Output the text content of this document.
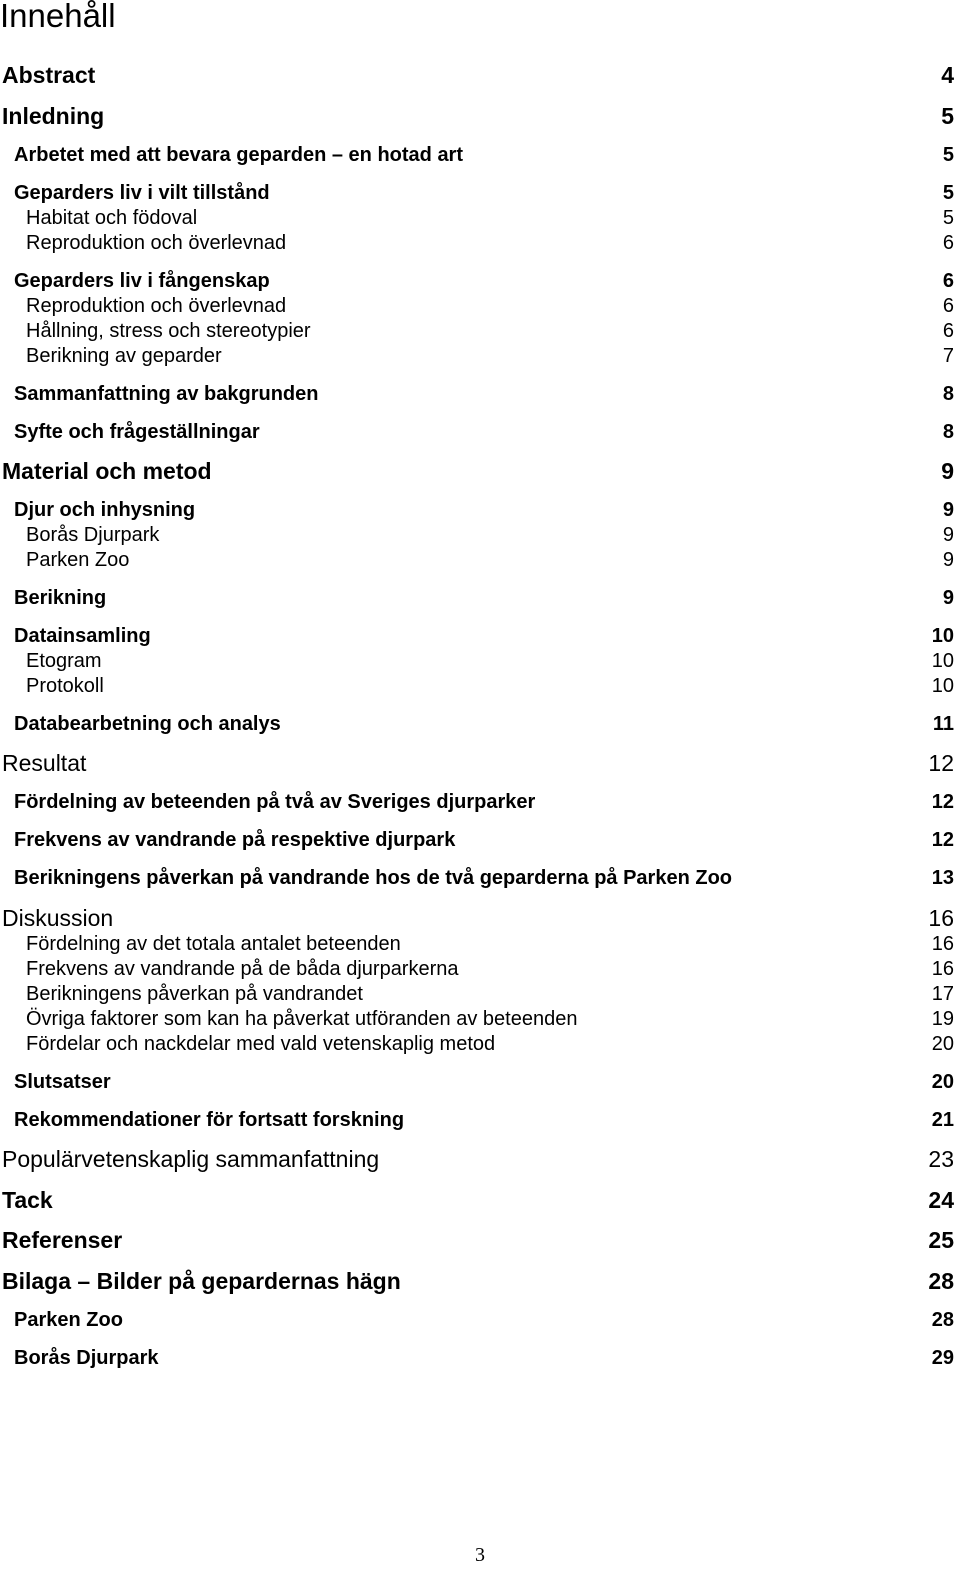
Innehåll
Abstract	4
Inledning	5
Arbetet med att bevara geparden – en hotad art	5
Geparders liv i vilt tillstånd	5
Habitat och födoval	5
Reproduktion och överlevnad	6
Geparders liv i fångenskap	6
Reproduktion och överlevnad	6
Hållning, stress och stereotypier	6
Berikning av geparder	7
Sammanfattning av bakgrunden	8
Syfte och frågeställningar	8
Material och metod	9
Djur och inhysning	9
Borås Djurpark	9
Parken Zoo	9
Berikning	9
Datainsamling	10
Etogram	10
Protokoll	10
Databearbetning och analys	11
Resultat	12
Fördelning av beteenden på två av Sveriges djurparker	12
Frekvens av vandrande på respektive djurpark	12
Berikningens påverkan på vandrande hos de två geparderna på Parken Zoo	13
Diskussion	16
Fördelning av det totala antalet beteenden	16
Frekvens av vandrande på de båda djurparkerna	16
Berikningens påverkan på vandrandet	17
Övriga faktorer som kan ha påverkat utföranden av beteenden	19
Fördelar och nackdelar med vald vetenskaplig metod	20
Slutsatser	20
Rekommendationer för fortsatt forskning	21
Populärvetenskaplig sammanfattning	23
Tack	24
Referenser	25
Bilaga – Bilder på gepardernas hägn	28
Parken Zoo	28
Borås Djurpark	29

3
